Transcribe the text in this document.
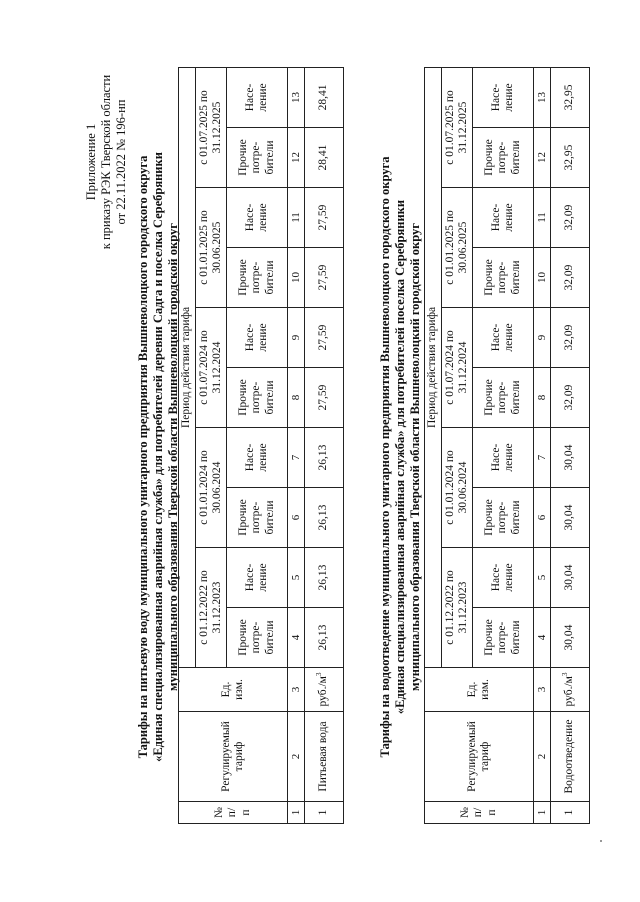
Приложение 1 к приказу РЭК Тверской области от 22.11.2022 № 196-нп Тарифы на питьевую воду муниципального унитарного предприятия Вышневолоцкого городского округа «Единая специализированная аварийная служба» для потребителей деревни Садга и поселка Серебряники муниципального образования Тверской области Вышневолоцкий городской округ
№ п/ п	Регулируемый тариф	Ед. изм.	Период действия тарифа									
			с 01.12.2022 по 31.12.2023		с 01.01.2024 по 30.06.2024		с 01.07.2024 по 31.12.2024		с 01.01.2025 по 30.06.2025		с 01.07.2025 по 31.12.2025	
			Прочие потре- бители	Насе- ление	Прочие потре- бители	Насе- ление	Прочие потре- бители	Насе- ление	Прочие потре- бители	Насе- ление	Прочие потре- бители	Насе- ление
1	2	3	4	5	6	7	8	9	10	11	12	13
1	Питьевая вода	$руб./м^3$	26,13	26,13	26,13	26,13	27,59	27,59	27,59	27,59	28,41	28,41
Тарифы на водоотведение муниципального унитарного предприятия Вышневолоцкого городского округа «Единая специализированная аварийная служба» для потребителей поселка Серебряники муниципального образования Тверской области Вышневолоцкий городской округ
№ п/ п	Регулируемый тариф	Ед. изм.	Период действия тарифа									
			с 01.12.2022 по 31.12.2023		с 01.01.2024 по 30.06.2024		с 01.07.2024 по 31.12.2024		с 01.01.2025 по 30.06.2025		с 01.07.2025 по 31.12.2025	
			Прочие потре- бители	Насе- ление	Прочие потре- бители	Насе- ление	Прочие потре- бители	Насе- ление	Прочие потре- бители	Насе- ление	Прочие потре- бители	Насе- ление
1	2	3	4	5	6	7	8	9	10	11	12	13
1	Водоотведение	$руб./м^3$	30,04	30,04	30,04	30,04	32,09	32,09	32,09	32,09	32,95	32,95
